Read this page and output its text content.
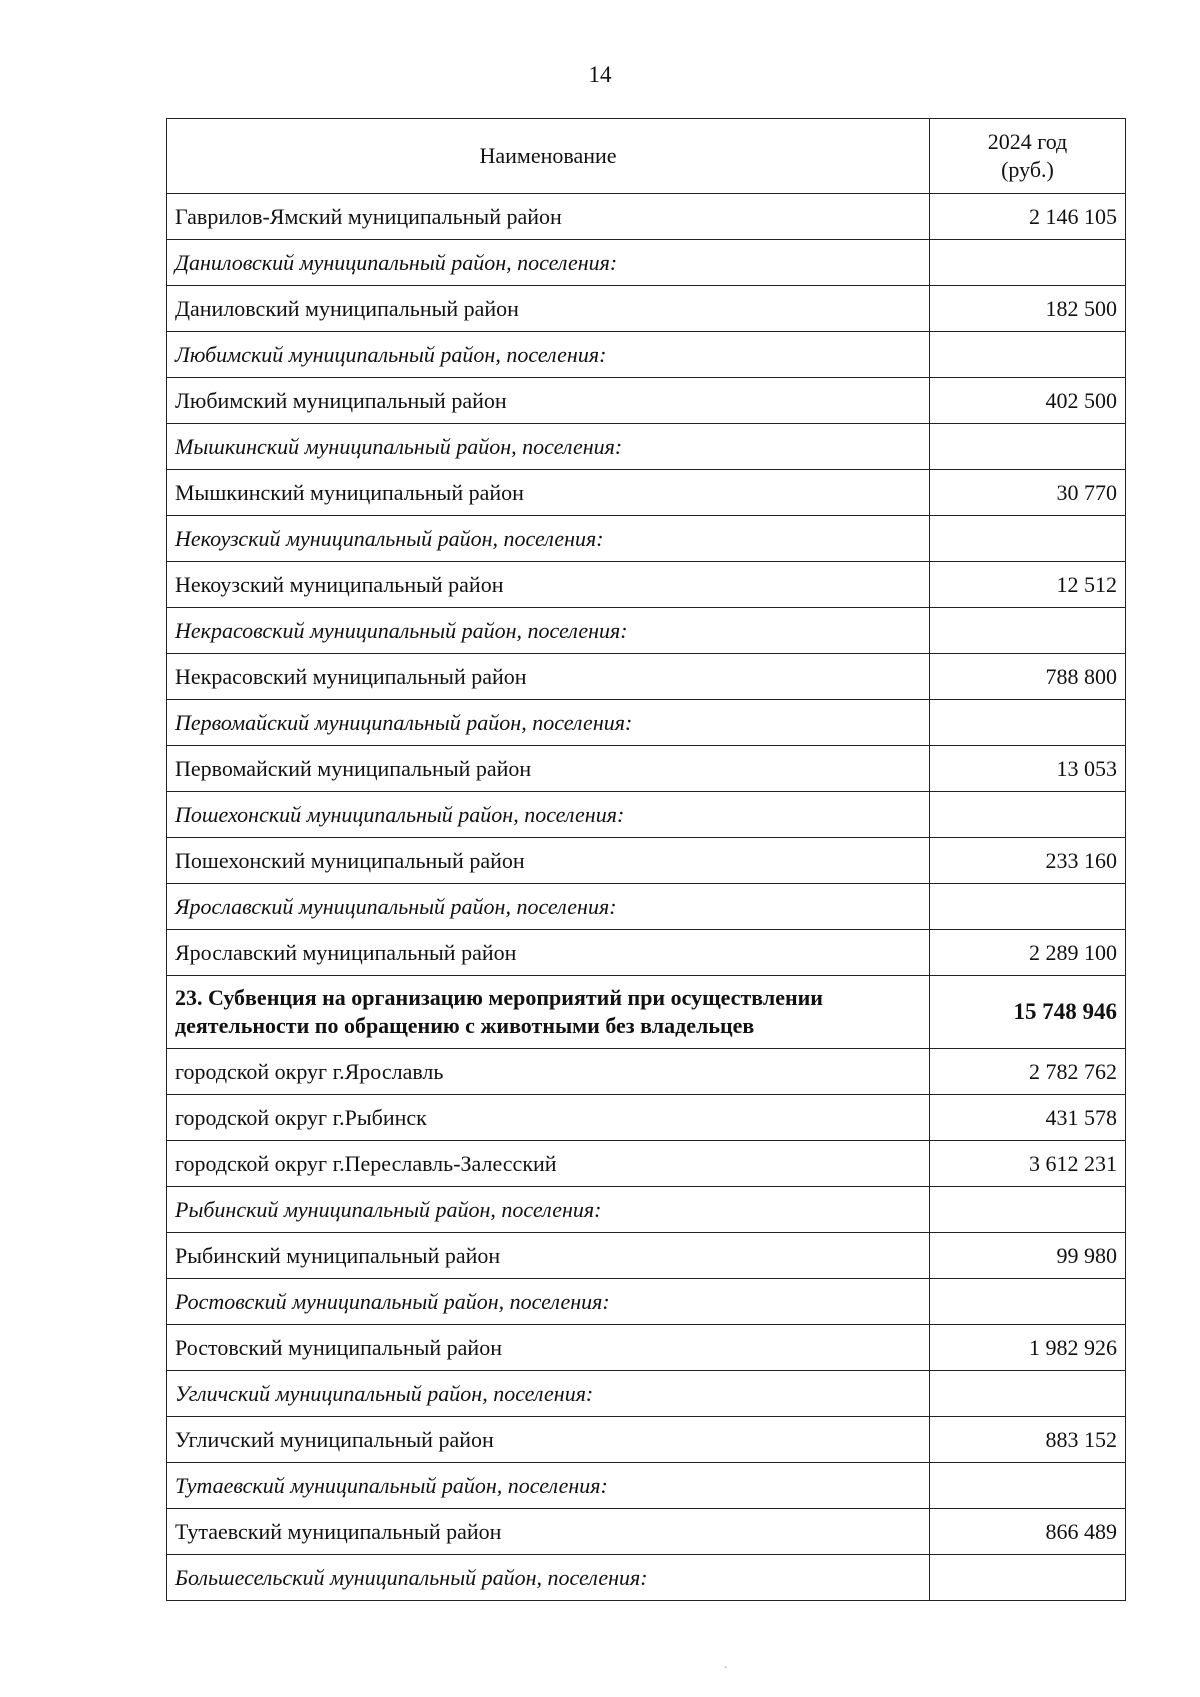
14
Наименование	2024 год
(руб.)
Гаврилов-Ямский муниципальный район	2 146 105
Даниловский муниципальный район, поселения:	
Даниловский муниципальный район	182 500
Любимский муниципальный район, поселения:	
Любимский муниципальный район	402 500
Мышкинский муниципальный район, поселения:	
Мышкинский муниципальный район	30 770
Некоузский муниципальный район, поселения:	
Некоузский муниципальный район	12 512
Некрасовский муниципальный район, поселения:	
Некрасовский муниципальный район	788 800
Первомайский муниципальный район, поселения:	
Первомайский муниципальный район	13 053
Пошехонский муниципальный район, поселения:	
Пошехонский муниципальный район	233 160
Ярославский муниципальный район, поселения:	
Ярославский муниципальный район	2 289 100
23. Субвенция на организацию мероприятий при осуществлении деятельности по обращению с животными без владельцев	15 748 946
городской округ г.Ярославль	2 782 762
городской округ г.Рыбинск	431 578
городской округ г.Переславль-Залесский	3 612 231
Рыбинский муниципальный район, поселения:	
Рыбинский муниципальный район	99 980
Ростовский муниципальный район, поселения:	
Ростовский муниципальный район	1 982 926
Угличский муниципальный район, поселения:	
Угличский муниципальный район	883 152
Тутаевский муниципальный район, поселения:	
Тутаевский муниципальный район	866 489
Большесельский муниципальный район, поселения:	
`
